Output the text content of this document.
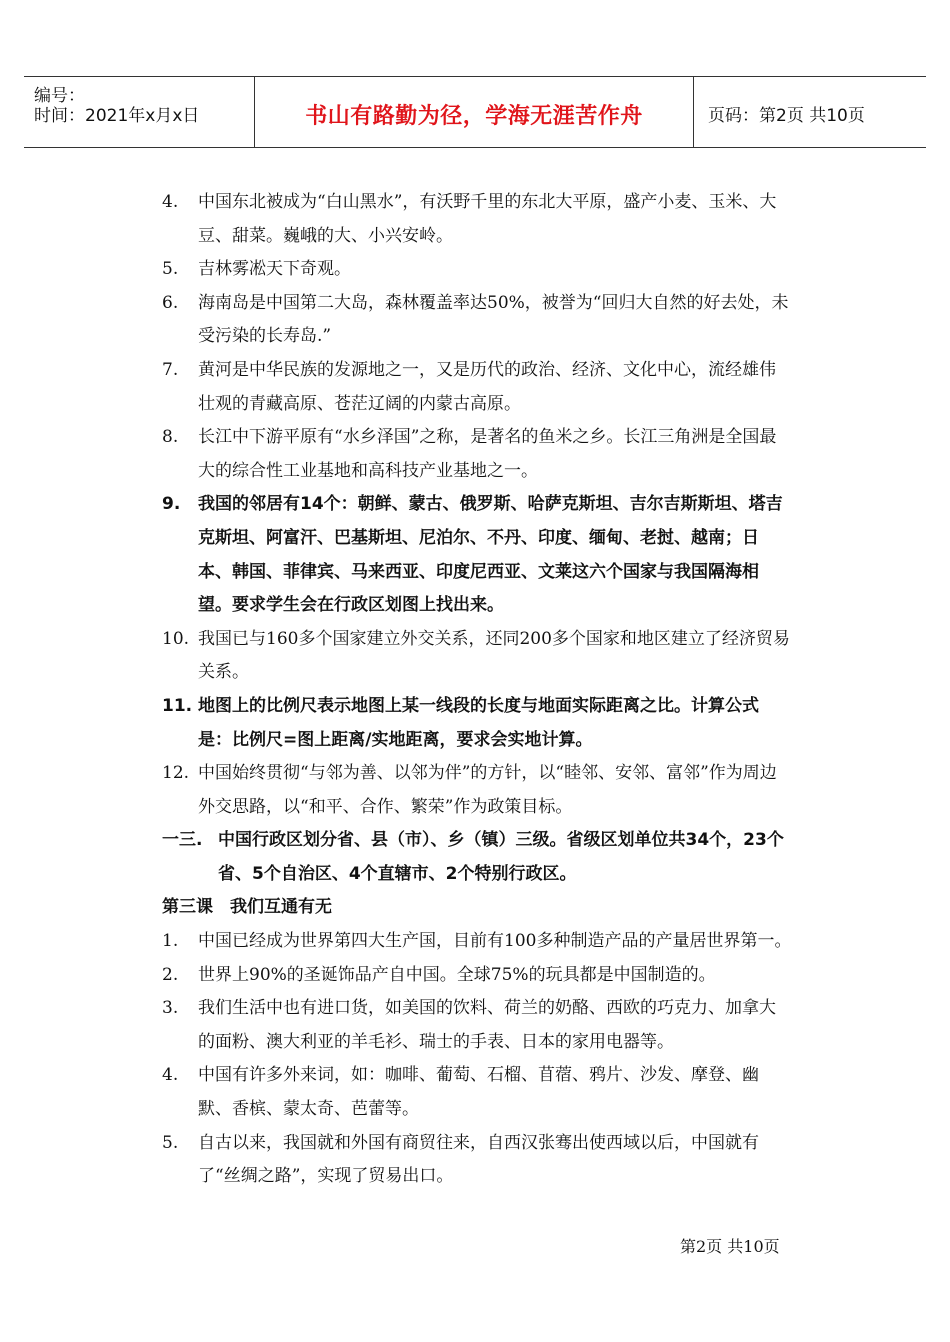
编号：
时间：2021年x月x日	书山有路勤为径，学海无涯苦作舟	页码：第2页 共10页
4.	中国东北被成为“白山黑水”，有沃野千里的东北大平原，盛产小麦、玉米、大豆、甜菜。巍峨的大、小兴安岭。
5.	吉林雾凇天下奇观。
6.	海南岛是中国第二大岛，森林覆盖率达50%，被誉为“回归大自然的好去处，未受污染的长寿岛.”
7.	黄河是中华民族的发源地之一，又是历代的政治、经济、文化中心，流经雄伟壮观的青藏高原、苍茫辽阔的内蒙古高原。
8.	长江中下游平原有“水乡泽国”之称，是著名的鱼米之乡。长江三角洲是全国最大的综合性工业基地和高科技产业基地之一。
9.	我国的邻居有14个：朝鲜、蒙古、俄罗斯、哈萨克斯坦、吉尔吉斯斯坦、塔吉克斯坦、阿富汗、巴基斯坦、尼泊尔、不丹、印度、缅甸、老挝、越南；日本、韩国、菲律宾、马来西亚、印度尼西亚、文莱这六个国家与我国隔海相望。要求学生会在行政区划图上找出来。
10. 我国已与160多个国家建立外交关系，还同200多个国家和地区建立了经济贸易关系。
11. 地图上的比例尺表示地图上某一线段的长度与地面实际距离之比。计算公式是：比例尺=图上距离/实地距离，要求会实地计算。
12. 中国始终贯彻“与邻为善、以邻为伴”的方针，以“睦邻、安邻、富邻”作为周边外交思路，以“和平、合作、繁荣”作为政策目标。
一三. 中国行政区划分省、县（市）、乡（镇）三级。省级区划单位共34个，23个省、5个自治区、4个直辖市、2个特别行政区。
第三课　我们互通有无
1.	中国已经成为世界第四大生产国，目前有100多种制造产品的产量居世界第一。
2.	世界上90%的圣诞饰品产自中国。全球75%的玩具都是中国制造的。
3.	我们生活中也有进口货，如美国的饮料、荷兰的奶酪、西欧的巧克力、加拿大的面粉、澳大利亚的羊毛衫、瑞士的手表、日本的家用电器等。
4.	中国有许多外来词，如：咖啡、葡萄、石榴、苜蓿、鸦片、沙发、摩登、幽默、香槟、蒙太奇、芭蕾等。
5.	自古以来，我国就和外国有商贸往来，自西汉张骞出使西域以后，中国就有了“丝绸之路”，实现了贸易出口。
第2页 共10页
